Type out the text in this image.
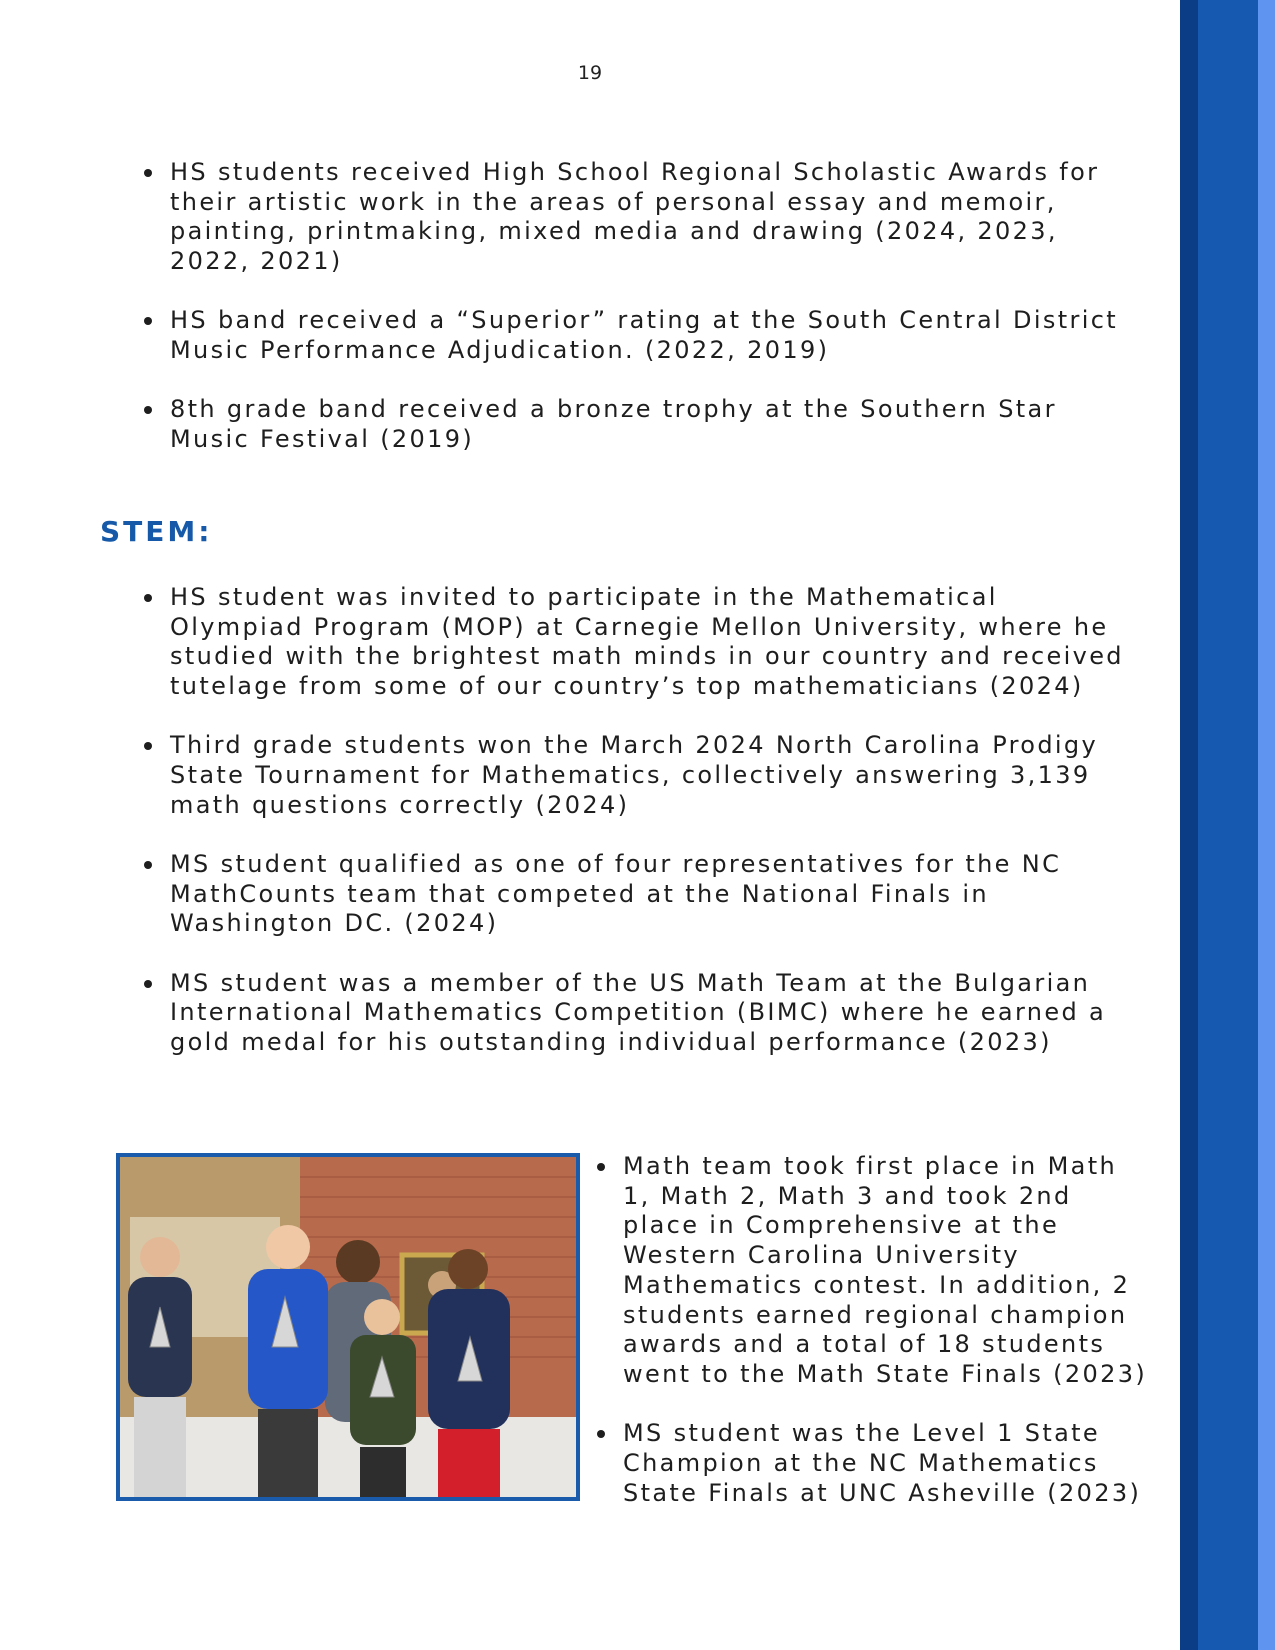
19
HS students received High School Regional Scholastic Awards for their artistic work in the areas of personal essay and memoir, painting, printmaking, mixed media and drawing (2024, 2023, 2022, 2021)
HS band received a “Superior” rating at the South Central District Music Performance Adjudication. (2022, 2019)
8th grade band received a bronze trophy at the Southern Star Music Festival (2019)
STEM:
HS student was invited to participate in the Mathematical Olympiad Program (MOP) at Carnegie Mellon University, where he studied with the brightest math minds in our country and received tutelage from some of our country’s top mathematicians (2024)
Third grade students won the March 2024 North Carolina Prodigy State Tournament for Mathematics, collectively answering 3,139 math questions correctly (2024)
MS student qualified as one of four representatives for the NC MathCounts team that competed at the National Finals in Washington DC. (2024)
MS student was a member of the US Math Team at the Bulgarian International Mathematics Competition (BIMC) where he earned a gold medal for his outstanding individual performance (2023)
Math team took first place in Math 1, Math 2, Math 3 and took 2nd place in Comprehensive at the Western Carolina University Mathematics contest. In addition, 2 students earned regional champion awards and a total of 18 students went to the Math State Finals (2023)
MS student was the Level 1 State Champion at the NC Mathematics State Finals at UNC Asheville (2023)
